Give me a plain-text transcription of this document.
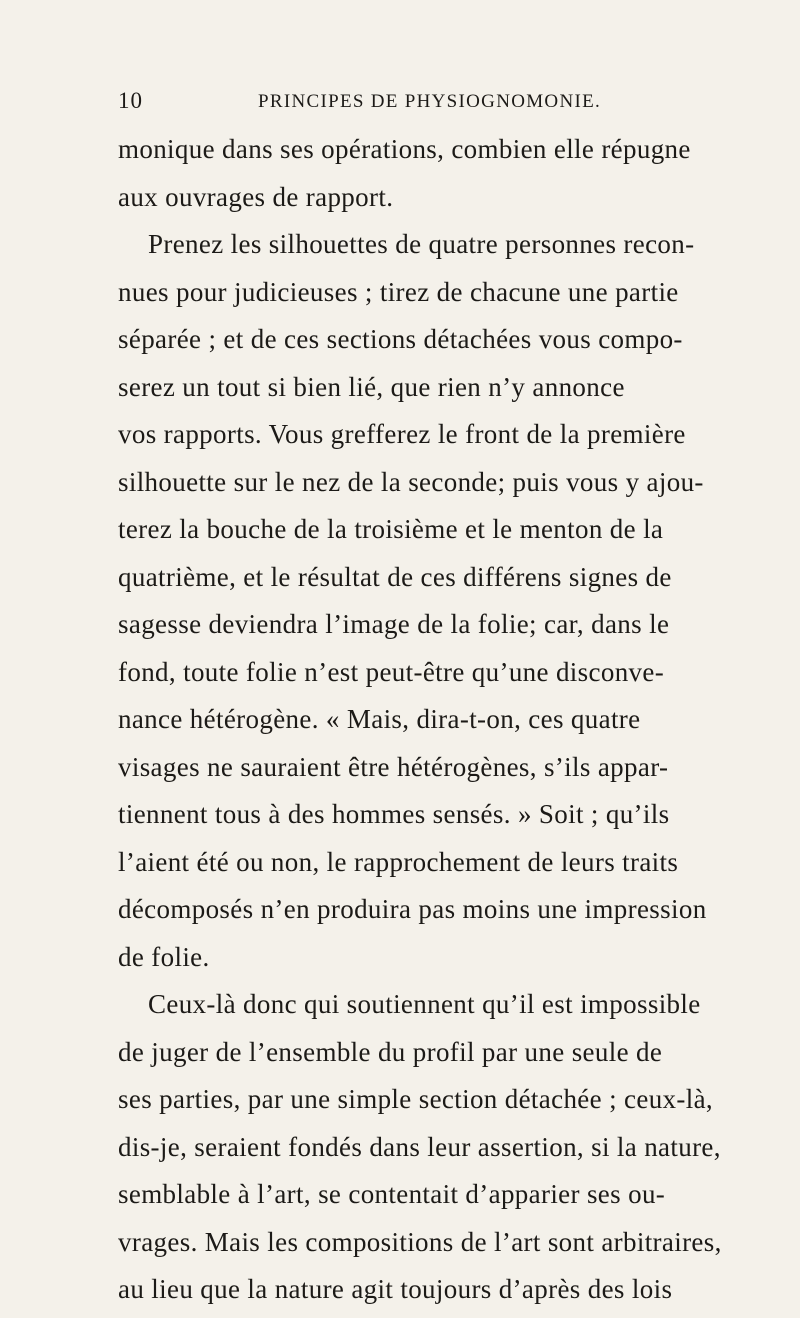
10	PRINCIPES DE PHYSIOGNOMONIE.
monique dans ses opérations, combien elle répugne
aux ouvrages de rapport.
Prenez les silhouettes de quatre personnes recon-
nues pour judicieuses ; tirez de chacune une partie
séparée ; et de ces sections détachées vous compo-
serez un tout si bien lié, que rien n’y annonce
vos rapports. Vous grefferez le front de la première
silhouette sur le nez de la seconde; puis vous y ajou-
terez la bouche de la troisième et le menton de la
quatrième, et le résultat de ces différens signes de
sagesse deviendra l’image de la folie; car, dans le
fond, toute folie n’est peut-être qu’une disconve-
nance hétérogène. « Mais, dira-t-on, ces quatre
visages ne sauraient être hétérogènes, s’ils appar-
tiennent tous à des hommes sensés. » Soit ; qu’ils
l’aient été ou non, le rapprochement de leurs traits
décomposés n’en produira pas moins une impression
de folie.
Ceux-là donc qui soutiennent qu’il est impossible
de juger de l’ensemble du profil par une seule de
ses parties, par une simple section détachée ; ceux-là,
dis-je, seraient fondés dans leur assertion, si la nature,
semblable à l’art, se contentait d’apparier ses ou-
vrages. Mais les compositions de l’art sont arbitraires,
au lieu que la nature agit toujours d’après des lois
